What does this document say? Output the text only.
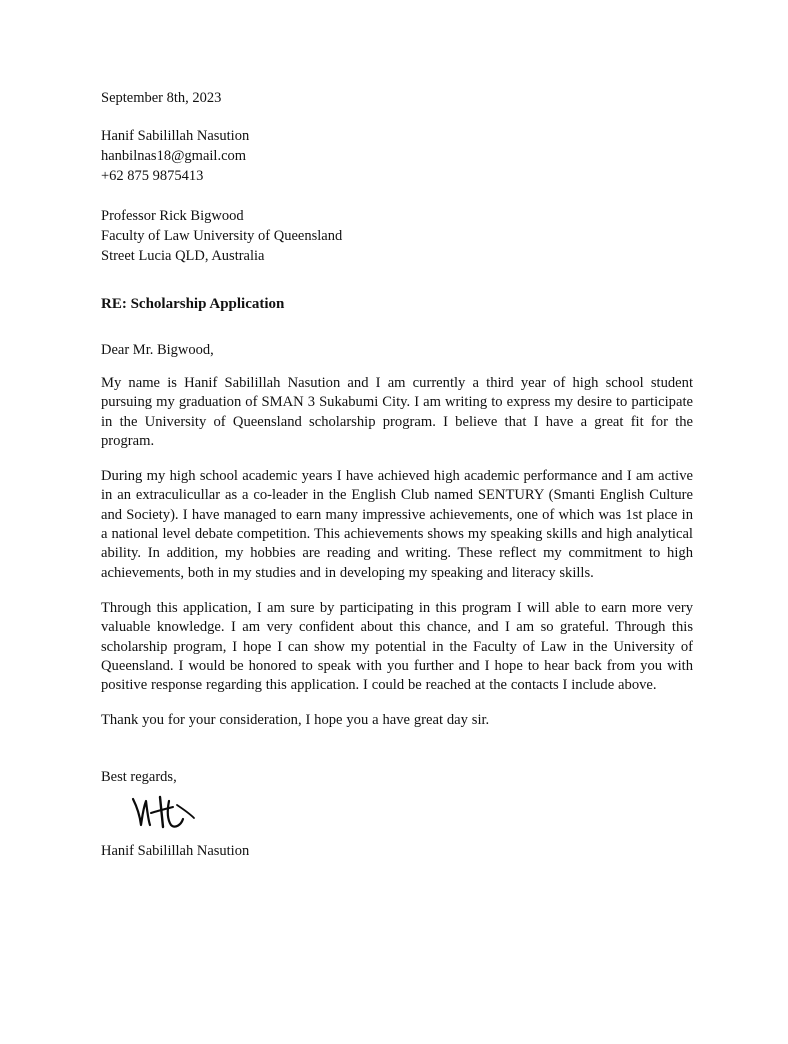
September 8th, 2023
Hanif Sabilillah Nasution
hanbilnas18@gmail.com
+62 875 9875413
Professor Rick Bigwood
Faculty of Law University of Queensland
Street Lucia QLD, Australia
RE: Scholarship Application
Dear Mr. Bigwood,

My name is Hanif Sabilillah Nasution and I am currently a third year of high school student pursuing my graduation of SMAN 3 Sukabumi City. I am writing to express my desire to participate in the University of Queensland scholarship program. I believe that I have a great fit for the program.

During my high school academic years I have achieved high academic performance and I am active in an extraculicullar as a co-leader in the English Club named SENTURY (Smanti English Culture and Society). I have managed to earn many impressive achievements, one of which was 1st place in a national level debate competition. This achievements shows my speaking skills and high analytical ability. In addition, my hobbies are reading and writing. These reflect my commitment to high achievements, both in my studies and in developing my speaking and literacy skills.

Through this application, I am sure by participating in this program I will able to earn more very valuable knowledge. I am very confident about this chance, and I am so grateful. Through this scholarship program, I hope I can show my potential in the Faculty of Law in the University of Queensland. I would be honored to speak with you further and I hope to hear back from you with positive response regarding this application. I could be reached at the contacts I include above.

Thank you for your consideration, I hope you a have great day sir.

Best regards,
Hanif Sabilillah Nasution
